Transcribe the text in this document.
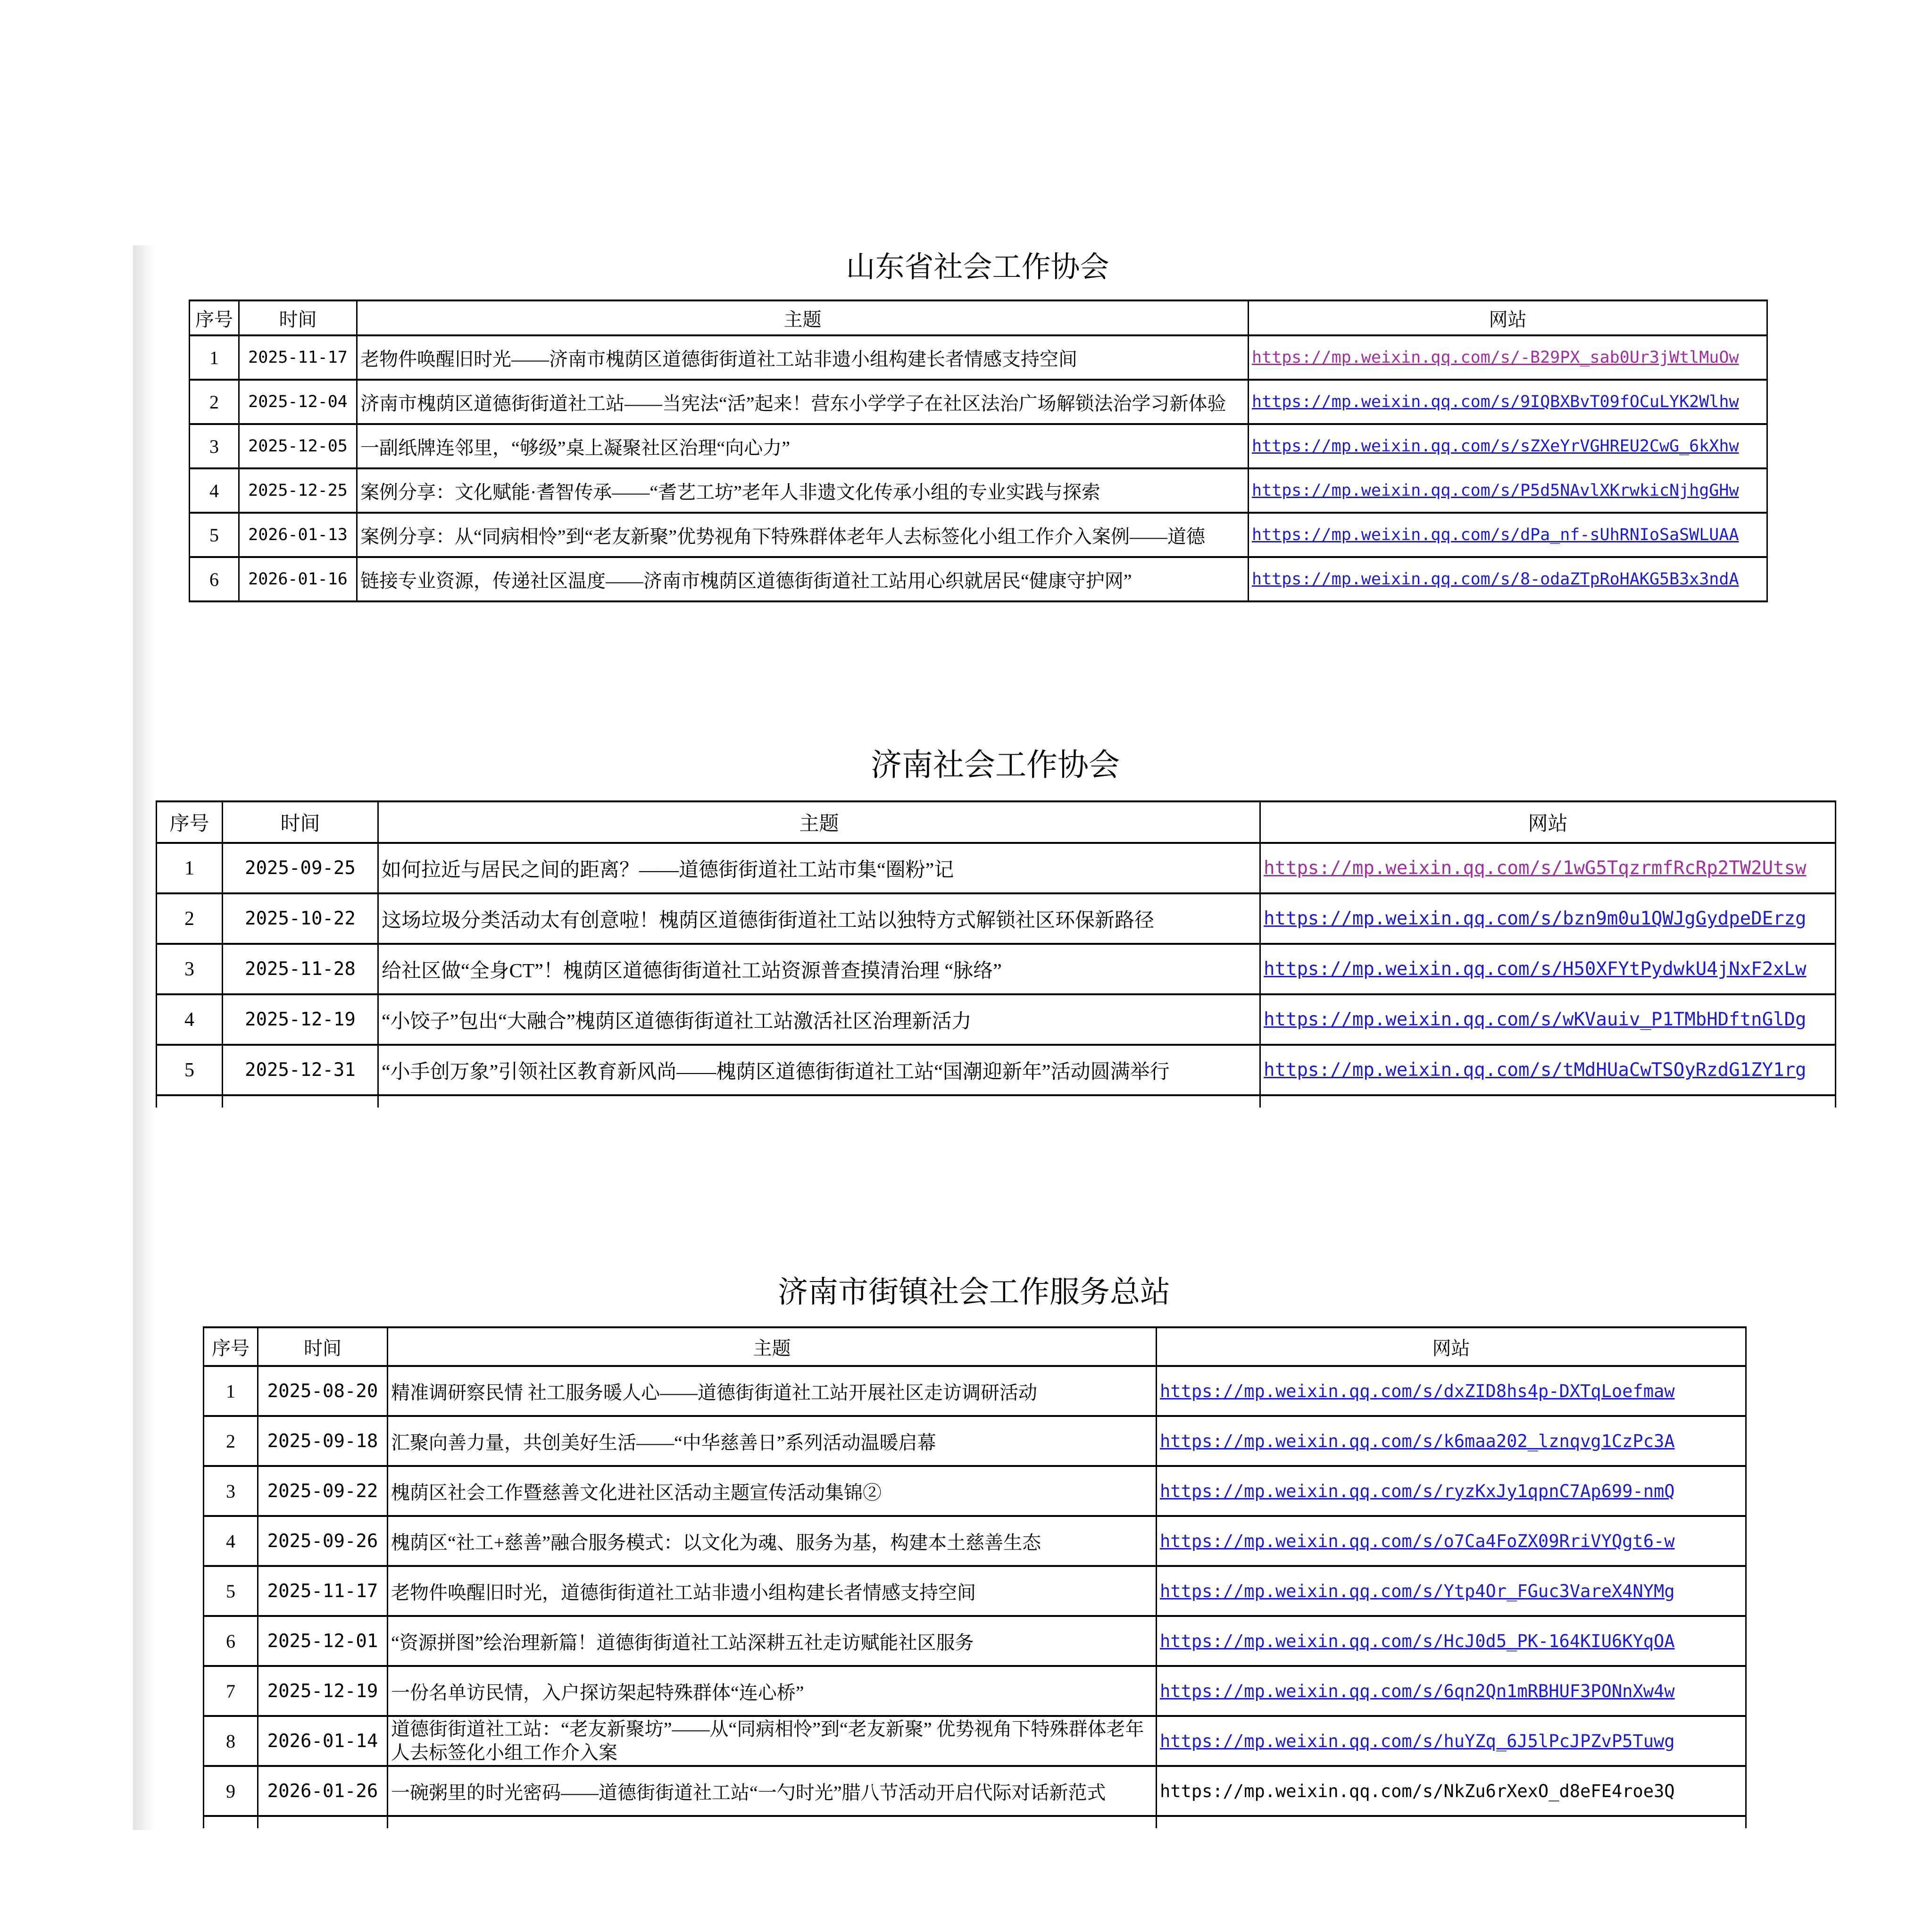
山东省社会工作协会
序号	时间	主题	网站
1	2025-11-17	老物件唤醒旧时光——济南市槐荫区道德街街道社工站非遗小组构建长者情感支持空间	https://mp.weixin.qq.com/s/-B29PX_sab0Ur3jWtlMuOw
2	2025-12-04	济南市槐荫区道德街街道社工站——当宪法“活”起来！营东小学学子在社区法治广场解锁法治学习新体验	https://mp.weixin.qq.com/s/9IQBXBvT09fOCuLYK2Wlhw
3	2025-12-05	一副纸牌连邻里，“够级”桌上凝聚社区治理“向心力”	https://mp.weixin.qq.com/s/sZXeYrVGHREU2CwG_6kXhw
4	2025-12-25	案例分享：文化赋能·耆智传承——“耆艺工坊”老年人非遗文化传承小组的专业实践与探索	https://mp.weixin.qq.com/s/P5d5NAvlXKrwkicNjhgGHw
5	2026-01-13	案例分享：从“同病相怜”到“老友新聚”优势视角下特殊群体老年人去标签化小组工作介入案例——道德	https://mp.weixin.qq.com/s/dPa_nf-sUhRNIoSaSWLUAA
6	2026-01-16	链接专业资源，传递社区温度——济南市槐荫区道德街街道社工站用心织就居民“健康守护网”	https://mp.weixin.qq.com/s/8-odaZTpRoHAKG5B3x3ndA
济南社会工作协会
序号	时间	主题	网站
1	2025-09-25	如何拉近与居民之间的距离？——道德街街道社工站市集“圈粉”记	https://mp.weixin.qq.com/s/1wG5TqzrmfRcRp2TW2Utsw
2	2025-10-22	这场垃圾分类活动太有创意啦！槐荫区道德街街道社工站以独特方式解锁社区环保新路径	https://mp.weixin.qq.com/s/bzn9m0u1QWJgGydpeDErzg
3	2025-11-28	给社区做“全身CT”！槐荫区道德街街道社工站资源普查摸清治理 “脉络”	https://mp.weixin.qq.com/s/H50XFYtPydwkU4jNxF2xLw
4	2025-12-19	“小饺子”包出“大融合”槐荫区道德街街道社工站激活社区治理新活力	https://mp.weixin.qq.com/s/wKVauiv_P1TMbHDftnGlDg
5	2025-12-31	“小手创万象”引领社区教育新风尚——槐荫区道德街街道社工站“国潮迎新年”活动圆满举行	https://mp.weixin.qq.com/s/tMdHUaCwTSOyRzdG1ZY1rg

济南市街镇社会工作服务总站
序号	时间	主题	网站
1	2025-08-20	精准调研察民情 社工服务暖人心——道德街街道社工站开展社区走访调研活动	https://mp.weixin.qq.com/s/dxZID8hs4p-DXTqLoefmaw
2	2025-09-18	汇聚向善力量，共创美好生活——“中华慈善日”系列活动温暖启幕	https://mp.weixin.qq.com/s/k6maa202_lznqvg1CzPc3A
3	2025-09-22	槐荫区社会工作暨慈善文化进社区活动主题宣传活动集锦②	https://mp.weixin.qq.com/s/ryzKxJy1qpnC7Ap699-nmQ
4	2025-09-26	槐荫区“社工+慈善”融合服务模式：以文化为魂、服务为基，构建本土慈善生态	https://mp.weixin.qq.com/s/o7Ca4FoZX09RriVYQgt6-w
5	2025-11-17	老物件唤醒旧时光，道德街街道社工站非遗小组构建长者情感支持空间	https://mp.weixin.qq.com/s/Ytp4Or_FGuc3VareX4NYMg
6	2025-12-01	“资源拼图”绘治理新篇！道德街街道社工站深耕五社走访赋能社区服务	https://mp.weixin.qq.com/s/HcJ0d5_PK-164KIU6KYqOA
7	2025-12-19	一份名单访民情，入户探访架起特殊群体“连心桥”	https://mp.weixin.qq.com/s/6qn2Qn1mRBHUF3PONnXw4w
8	2026-01-14	道德街街道社工站：“老友新聚坊”——从“同病相怜”到“老友新聚” 优势视角下特殊群体老年人去标签化小组工作介入案	https://mp.weixin.qq.com/s/huYZq_6J5lPcJPZvP5Tuwg
9	2026-01-26	一碗粥里的时光密码——道德街街道社工站“一勺时光”腊八节活动开启代际对话新范式	https://mp.weixin.qq.com/s/NkZu6rXexO_d8eFE4roe3Q
